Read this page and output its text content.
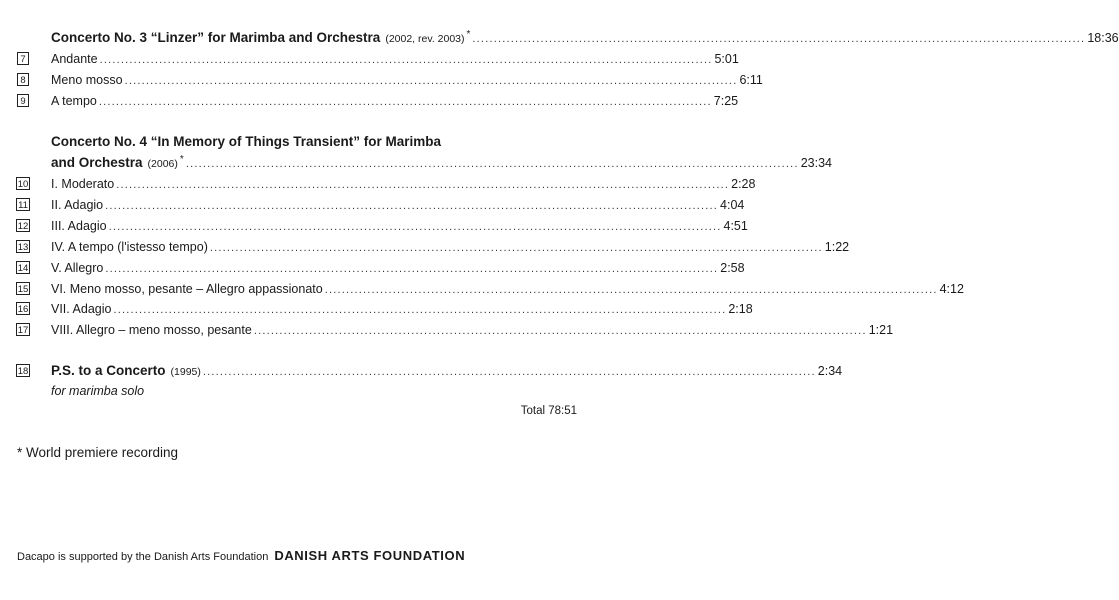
Concerto No. 3 “Linzer” for Marimba and Orchestra (2002, rev. 2003) * ................................................................................................................................................ 18:36
7 Andante ................................................................................................................................................ 5:01
8 Meno mosso ................................................................................................................................................ 6:11
9 A tempo ................................................................................................................................................ 7:25
Concerto No. 4 “In Memory of Things Transient” for Marimba
and Orchestra (2006) * ................................................................................................................................................ 23:34
10 I. Moderato ................................................................................................................................................ 2:28
11 II. Adagio ................................................................................................................................................ 4:04
12 III. Adagio ................................................................................................................................................ 4:51
13 IV. A tempo (l'istesso tempo) ................................................................................................................................................ 1:22
14 V. Allegro ................................................................................................................................................ 2:58
15 VI. Meno mosso, pesante – Allegro appassionato ................................................................................................................................................ 4:12
16 VII. Adagio ................................................................................................................................................ 2:18
17 VIII. Allegro – meno mosso, pesante ................................................................................................................................................ 1:21
18 P.S. to a Concerto (1995) ................................................................................................................................................ 2:34
for marimba solo
Total 78:51
* World premiere recording
Dacapo is supported by the Danish Arts Foundation DANISH ARTS FOUNDATION
